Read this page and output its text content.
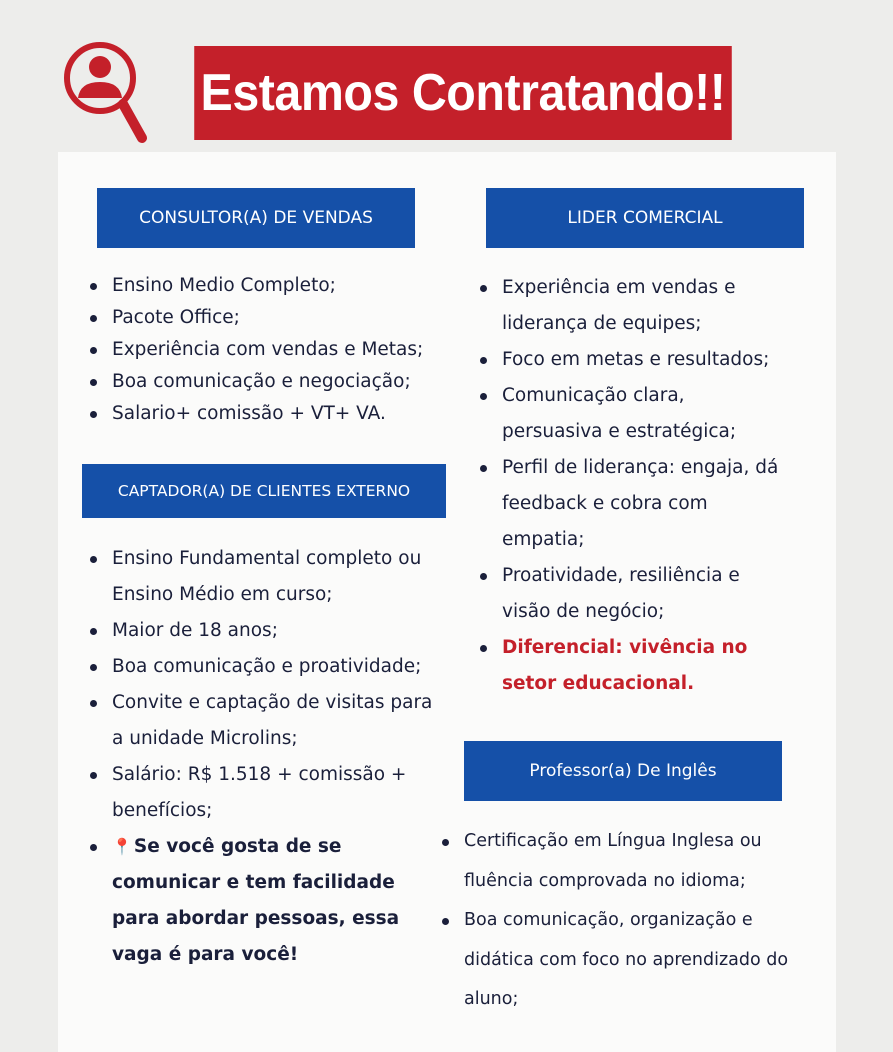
Estamos Contratando!!
CONSULTOR(A) DE VENDAS
Ensino Medio Completo;
Pacote Office;
Experiência com vendas e Metas;
Boa comunicação e negociação;
Salario+ comissão + VT+ VA.
CAPTADOR(A) DE CLIENTES EXTERNO
Ensino Fundamental completo ou Ensino Médio em curso;
Maior de 18 anos;
Boa comunicação e proatividade;
Convite e captação de visitas para a unidade Microlins;
Salário: R$ 1.518 + comissão + benefícios;
📍 Se você gosta de se comunicar e tem facilidade para abordar pessoas, essa vaga é para você!
LIDER COMERCIAL
Experiência em vendas e liderança de equipes;
Foco em metas e resultados;
Comunicação clara, persuasiva e estratégica;
Perfil de liderança: engaja, dá feedback e cobra com empatia;
Proatividade, resiliência e visão de negócio;
Diferencial: vivência no setor educacional.
Professor(a) De Inglês
Certificação em Língua Inglesa ou fluência comprovada no idioma;
Boa comunicação, organização e didática com foco no aprendizado do aluno;
